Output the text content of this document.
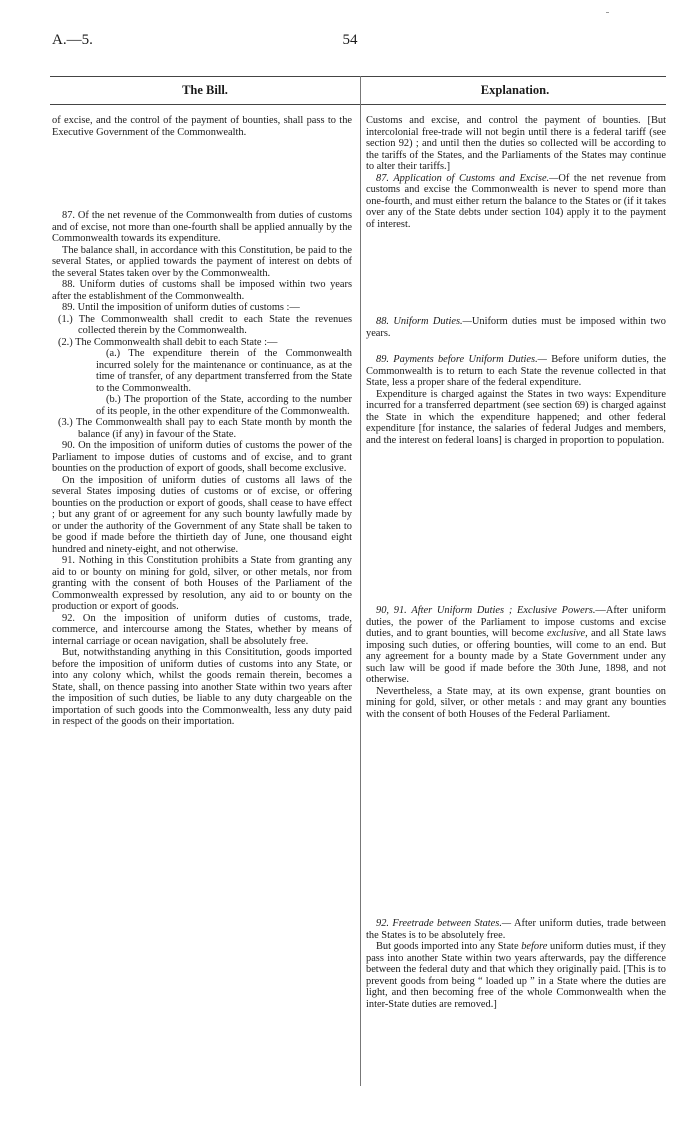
A.—5.	54
The Bill.	Explanation.

of excise, and the control of the payment of bounties, shall pass to the Executive Government of the Commonwealth.

87. Of the net revenue of the Commonwealth from duties of customs and of excise, not more than one-fourth shall be applied annually by the Commonwealth towards its expenditure.

The balance shall, in accordance with this Constitution, be paid to the several States, or applied towards the payment of interest on debts of the several States taken over by the Commonwealth.

88. Uniform duties of customs shall be imposed within two years after the establishment of the Commonwealth.

89. Until the imposition of uniform duties of customs :—

(1.) The Commonwealth shall credit to each State the revenues collected therein by the Commonwealth.

(2.) The Commonwealth shall debit to each State :—

(a.) The expenditure therein of the Commonwealth incurred solely for the maintenance or continuance, as at the time of transfer, of any department transferred from the State to the Commonwealth.

(b.) The proportion of the State, according to the number of its people, in the other expenditure of the Commonwealth.

(3.) The Commonwealth shall pay to each State month by month the balance (if any) in favour of the State.

90. On the imposition of uniform duties of customs the power of the Parliament to impose duties of customs and of excise, and to grant bounties on the production of export of goods, shall become exclusive.

On the imposition of uniform duties of customs all laws of the several States imposing duties of customs or of excise, or offering bounties on the production or export of goods, shall cease to have effect ; but any grant of or agreement for any such bounty lawfully made by or under the authority of the Government of any State shall be taken to be good if made before the thirtieth day of June, one thousand eight hundred and ninety-eight, and not otherwise.

91. Nothing in this Constitution prohibits a State from granting any aid to or bounty on mining for gold, silver, or other metals, nor from granting with the consent of both Houses of the Parliament of the Commonwealth expressed by resolution, any aid to or bounty on the production or export of goods.

92. On the imposition of uniform duties of customs, trade, commerce, and intercourse among the States, whether by means of internal carriage or ocean navigation, shall be absolutely free.

But, notwithstanding anything in this Consititution, goods imported before the imposition of uniform duties of customs into any State, or into any colony which, whilst the goods remain therein, becomes a State, shall, on thence passing into another State within two years after the imposition of such duties, be liable to any duty chargeable on the importation of such goods into the Commonwealth, less any duty paid in respect of the goods on their importation.

Customs and excise, and control the payment of bounties. [But intercolonial free-trade will not begin until there is a federal tariff (see section 92) ; and until then the duties so collected will be according to the tariffs of the States, and the Parliaments of the States may continue to alter their tariffs.]

87. Application of Customs and Excise.—Of the net revenue from customs and excise the Commonwealth is never to spend more than one-fourth, and must either return the balance to the States or (if it takes over any of the State debts under section 104) apply it to the payment of interest.

88. Uniform Duties.—Uniform duties must be imposed within two years.

89. Payments before Uniform Duties.— Before uniform duties, the Commonwealth is to return to each State the revenue collected in that State, less a proper share of the federal expenditure.

Expenditure is charged against the States in two ways: Expenditure incurred for a transferred department (see section 69) is charged against the State in which the expenditure happened; and other federal expenditure [for instance, the salaries of federal Judges and members, and the interest on federal loans] is charged in proportion to population.

90, 91. After Uniform Duties ; Exclusive Powers.—After uniform duties, the power of the Parliament to impose customs and excise duties, and to grant bounties, will become exclusive, and all State laws imposing such duties, or offering bounties, will come to an end. But any agreement for a bounty made by a State Government under any such law will be good if made before the 30th June, 1898, and not otherwise.

Nevertheless, a State may, at its own expense, grant bounties on mining for gold, silver, or other metals : and may grant any bounties with the consent of both Houses of the Federal Parliament.

92. Freetrade between States.— After uniform duties, trade between the States is to be absolutely free.

But goods imported into any State before uniform duties must, if they pass into another State within two years afterwards, pay the difference between the federal duty and that which they originally paid. [This is to prevent goods from being “ loaded up ” in a State where the duties are light, and then becoming free of the whole Commonwealth when the inter-State duties are removed.]
